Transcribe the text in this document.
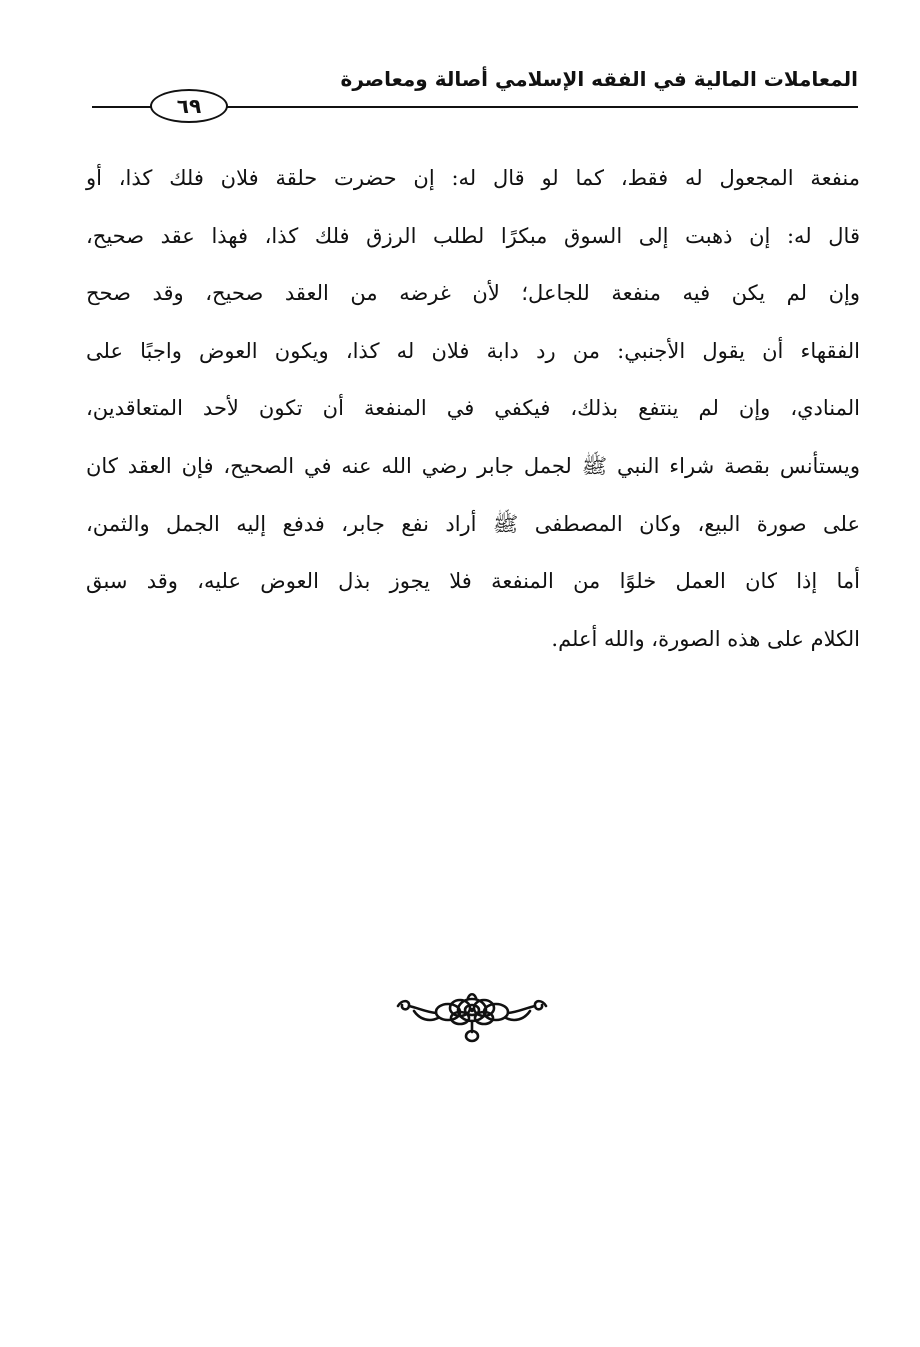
المعاملات المالية في الفقه الإسلامي أصالة ومعاصرة
٦٩
منفعة المجعول له فقط، كما لو قال له: إن حضرت حلقة فلان فلك كذا، أو
قال له: إن ذهبت إلى السوق مبكرًا لطلب الرزق فلك كذا، فهذا عقد صحيح،
وإن لم يكن فيه منفعة للجاعل؛ لأن غرضه من العقد صحيح، وقد صحح
الفقهاء أن يقول الأجنبي: من رد دابة فلان له كذا، ويكون العوض واجبًا على
المنادي، وإن لم ينتفع بذلك، فيكفي في المنفعة أن تكون لأحد المتعاقدين،
ويستأنس بقصة شراء النبي ﷺ لجمل جابر رضي الله عنه في الصحيح، فإن العقد كان
على صورة البيع، وكان المصطفى ﷺ أراد نفع جابر، فدفع إليه الجمل والثمن،
أما إذا كان العمل خلوًا من المنفعة فلا يجوز بذل العوض عليه، وقد سبق
الكلام على هذه الصورة، والله أعلم.
